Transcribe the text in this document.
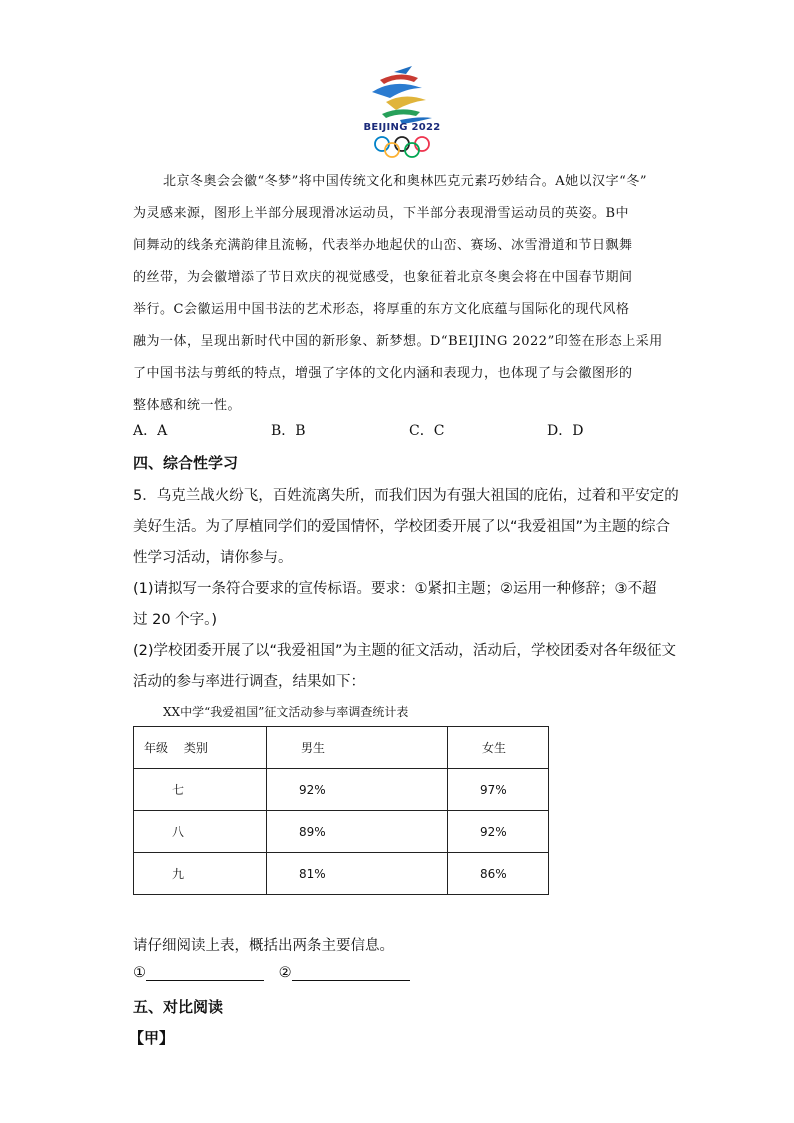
BEIJING 2022
北京冬奥会会徽“冬梦”将中国传统文化和奥林匹克元素巧妙结合。A她以汉字“冬”
为灵感来源，图形上半部分展现滑冰运动员，下半部分表现滑雪运动员的英姿。B中
间舞动的线条充满韵律且流畅，代表举办地起伏的山峦、赛场、冰雪滑道和节日飘舞
的丝带，为会徽增添了节日欢庆的视觉感受，也象征着北京冬奥会将在中国春节期间
举行。C会徽运用中国书法的艺术形态，将厚重的东方文化底蕴与国际化的现代风格
融为一体，呈现出新时代中国的新形象、新梦想。D“BEIJING 2022”印签在形态上采用
了中国书法与剪纸的特点，增强了字体的文化内涵和表现力，也体现了与会徽图形的
整体感和统一性。
A．A	B．B	C．C	D．D
四、综合性学习
5．乌克兰战火纷飞，百姓流离失所，而我们因为有强大祖国的庇佑，过着和平安定的
美好生活。为了厚植同学们的爱国情怀，学校团委开展了以“我爱祖国”为主题的综合
性学习活动，请你参与。
(1)请拟写一条符合要求的宣传标语。要求：①紧扣主题；②运用一种修辞；③不超
过 20 个字。)
(2)学校团委开展了以“我爱祖国”为主题的征文活动，活动后，学校团委对各年级征文
活动的参与率进行调查，结果如下：
XX中学“我爱祖国”征文活动参与率调查统计表
年级 类别	男生	女生
七	92%	97%
八	89%	92%
九	81%	86%
请仔细阅读上表，概括出两条主要信息。
①	②
五、对比阅读
【甲】
